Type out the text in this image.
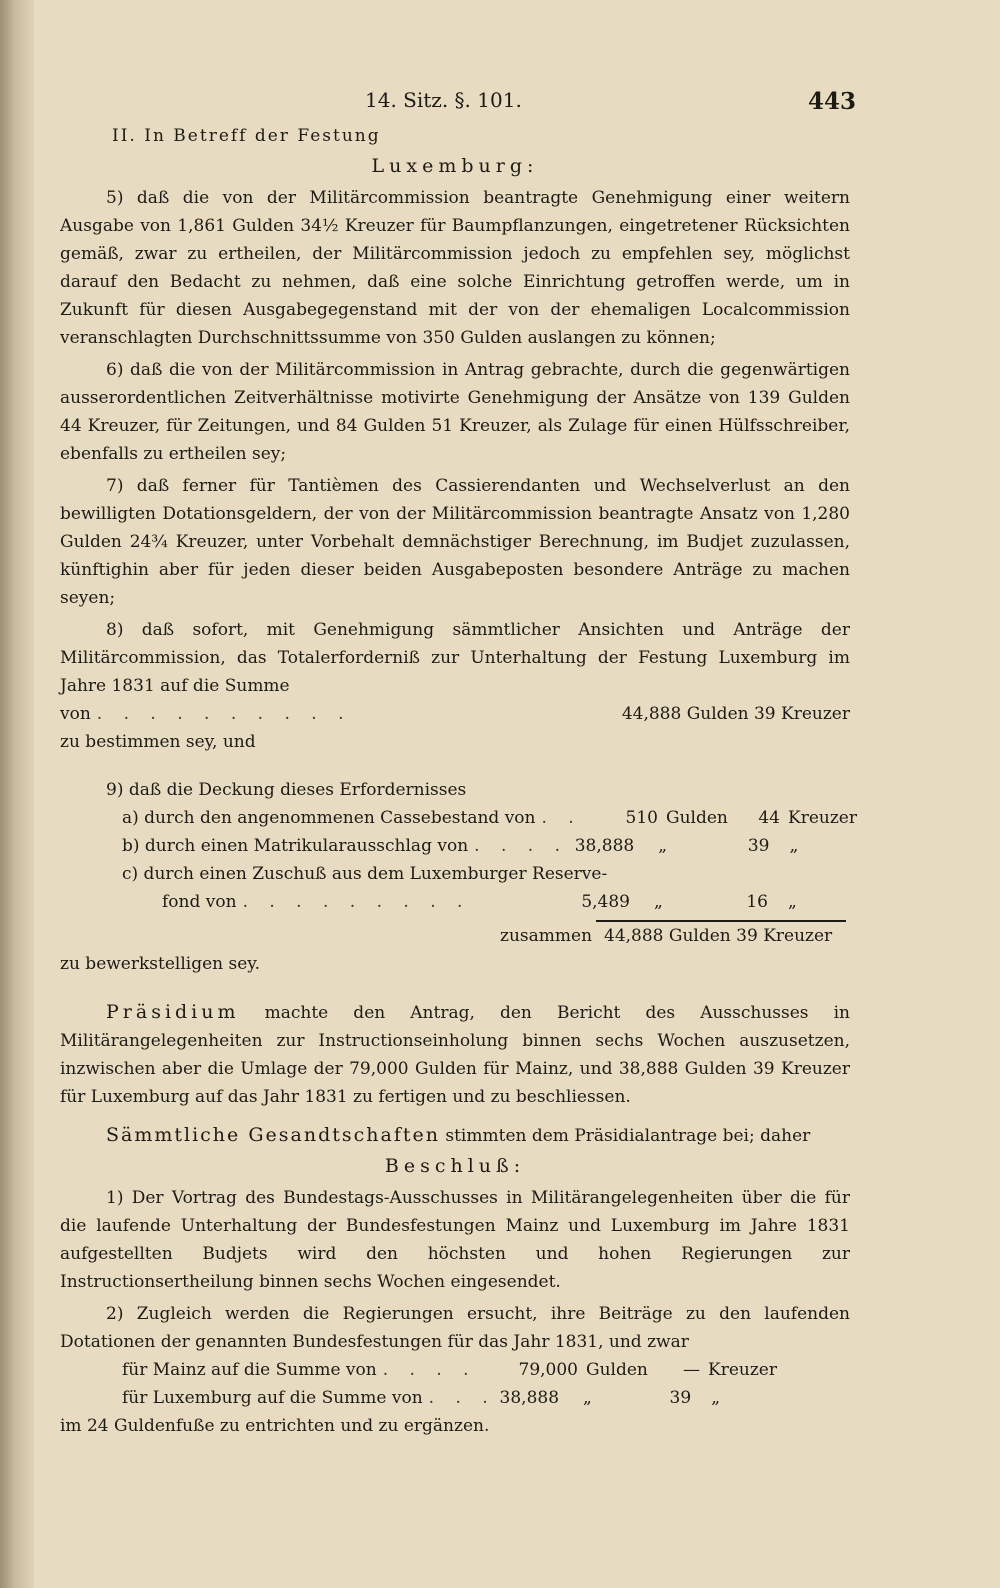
14. Sitz. §. 101.	443
II. In Betreff der Festung
Luxemburg:

5) daß die von der Militärcommission beantragte Genehmigung einer weitern Ausgabe von 1,861 Gulden 34½ Kreuzer für Baumpflanzungen, eingetretener Rücksichten gemäß, zwar zu ertheilen, der Militärcommission jedoch zu empfehlen sey, möglichst darauf den Bedacht zu nehmen, daß eine solche Einrichtung getroffen werde, um in Zukunft für diesen Ausgabegegenstand mit der von der ehemaligen Localcommission veranschlagten Durchschnittssumme von 350 Gulden auslangen zu können;

6) daß die von der Militärcommission in Antrag gebrachte, durch die gegenwärtigen ausserordentlichen Zeitverhältnisse motivirte Genehmigung der Ansätze von 139 Gulden 44 Kreuzer, für Zeitungen, und 84 Gulden 51 Kreuzer, als Zulage für einen Hülfsschreiber, ebenfalls zu ertheilen sey;

7) daß ferner für Tantièmen des Cassierendanten und Wechselverlust an den bewilligten Dotationsgeldern, der von der Militärcommission beantragte Ansatz von 1,280 Gulden 24¾ Kreuzer, unter Vorbehalt demnächstiger Berechnung, im Budjet zuzulassen, künftighin aber für jeden dieser beiden Ausgabeposten besondere Anträge zu machen seyen;

8) daß sofort, mit Genehmigung sämmtlicher Ansichten und Anträge der Militärcommission, das Totalerforderniß zur Unterhaltung der Festung Luxemburg im Jahre 1831 auf die Summe

von . . . . . . . . . .	44,888 Gulden 39 Kreuzer

zu bestimmen sey, und

9) daß die Deckung dieses Erfordernisses

a) durch den angenommenen Cassebestand von . .	510 Gulden	44 Kreuzer
b) durch einen Matrikularausschlag von . . . . 38,888	„	39	„
c) durch einen Zuschuß aus dem Luxemburger Reserve-
fond von . . . . . . . . .	5,489	„	16	„
zusammen 44,888 Gulden 39 Kreuzer

zu bewerkstelligen sey.

Präsidium machte den Antrag, den Bericht des Ausschusses in Militärangelegenheiten zur Instructionseinholung binnen sechs Wochen auszusetzen, inzwischen aber die Umlage der 79,000 Gulden für Mainz, und 38,888 Gulden 39 Kreuzer für Luxemburg auf das Jahr 1831 zu fertigen und zu beschliessen.

Sämmtliche Gesandtschaften stimmten dem Präsidialantrage bei; daher

Beschluß:

1) Der Vortrag des Bundestags-Ausschusses in Militärangelegenheiten über die für die laufende Unterhaltung der Bundesfestungen Mainz und Luxemburg im Jahre 1831 aufgestellten Budjets wird den höchsten und hohen Regierungen zur Instructionsertheilung binnen sechs Wochen eingesendet.

2) Zugleich werden die Regierungen ersucht, ihre Beiträge zu den laufenden Dotationen der genannten Bundesfestungen für das Jahr 1831, und zwar

für Mainz auf die Summe von . . . .	79,000 Gulden	— Kreuzer
für Luxemburg auf die Summe von . . . 38,888	„	39	„

im 24 Guldenfuße zu entrichten und zu ergänzen.
